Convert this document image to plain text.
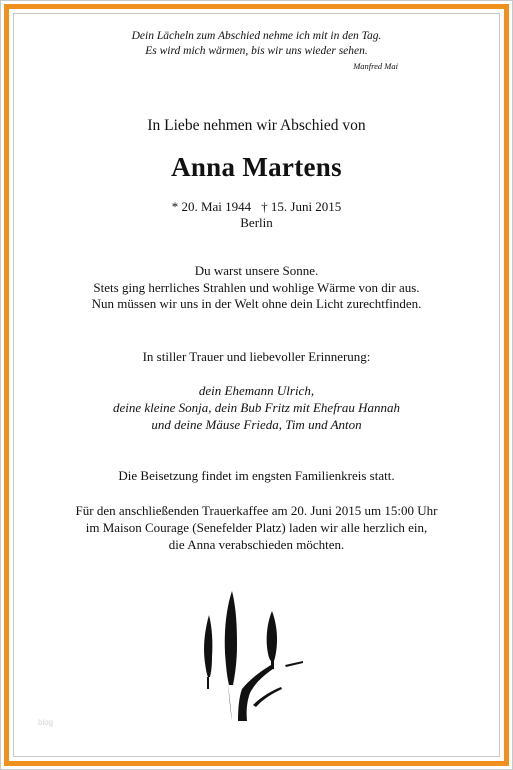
Dein Lächeln zum Abschied nehme ich mit in den Tag.
Es wird mich wärmen, bis wir uns wieder sehen.
Manfred Mai
In Liebe nehmen wir Abschied von
Anna Martens
* 20. Mai 1944 † 15. Juni 2015
Berlin
Du warst unsere Sonne.
Stets ging herrliches Strahlen und wohlige Wärme von dir aus.
Nun müssen wir uns in der Welt ohne dein Licht zurechtfinden.
In stiller Trauer und liebevoller Erinnerung:
dein Ehemann Ulrich,
deine kleine Sonja, dein Bub Fritz mit Ehefrau Hannah
und deine Mäuse Frieda, Tim und Anton
Die Beisetzung findet im engsten Familienkreis statt.
Für den anschließenden Trauerkaffee am 20. Juni 2015 um 15:00 Uhr
im Maison Courage (Senefelder Platz) laden wir alle herzlich ein,
die Anna verabschieden möchten.
blog
